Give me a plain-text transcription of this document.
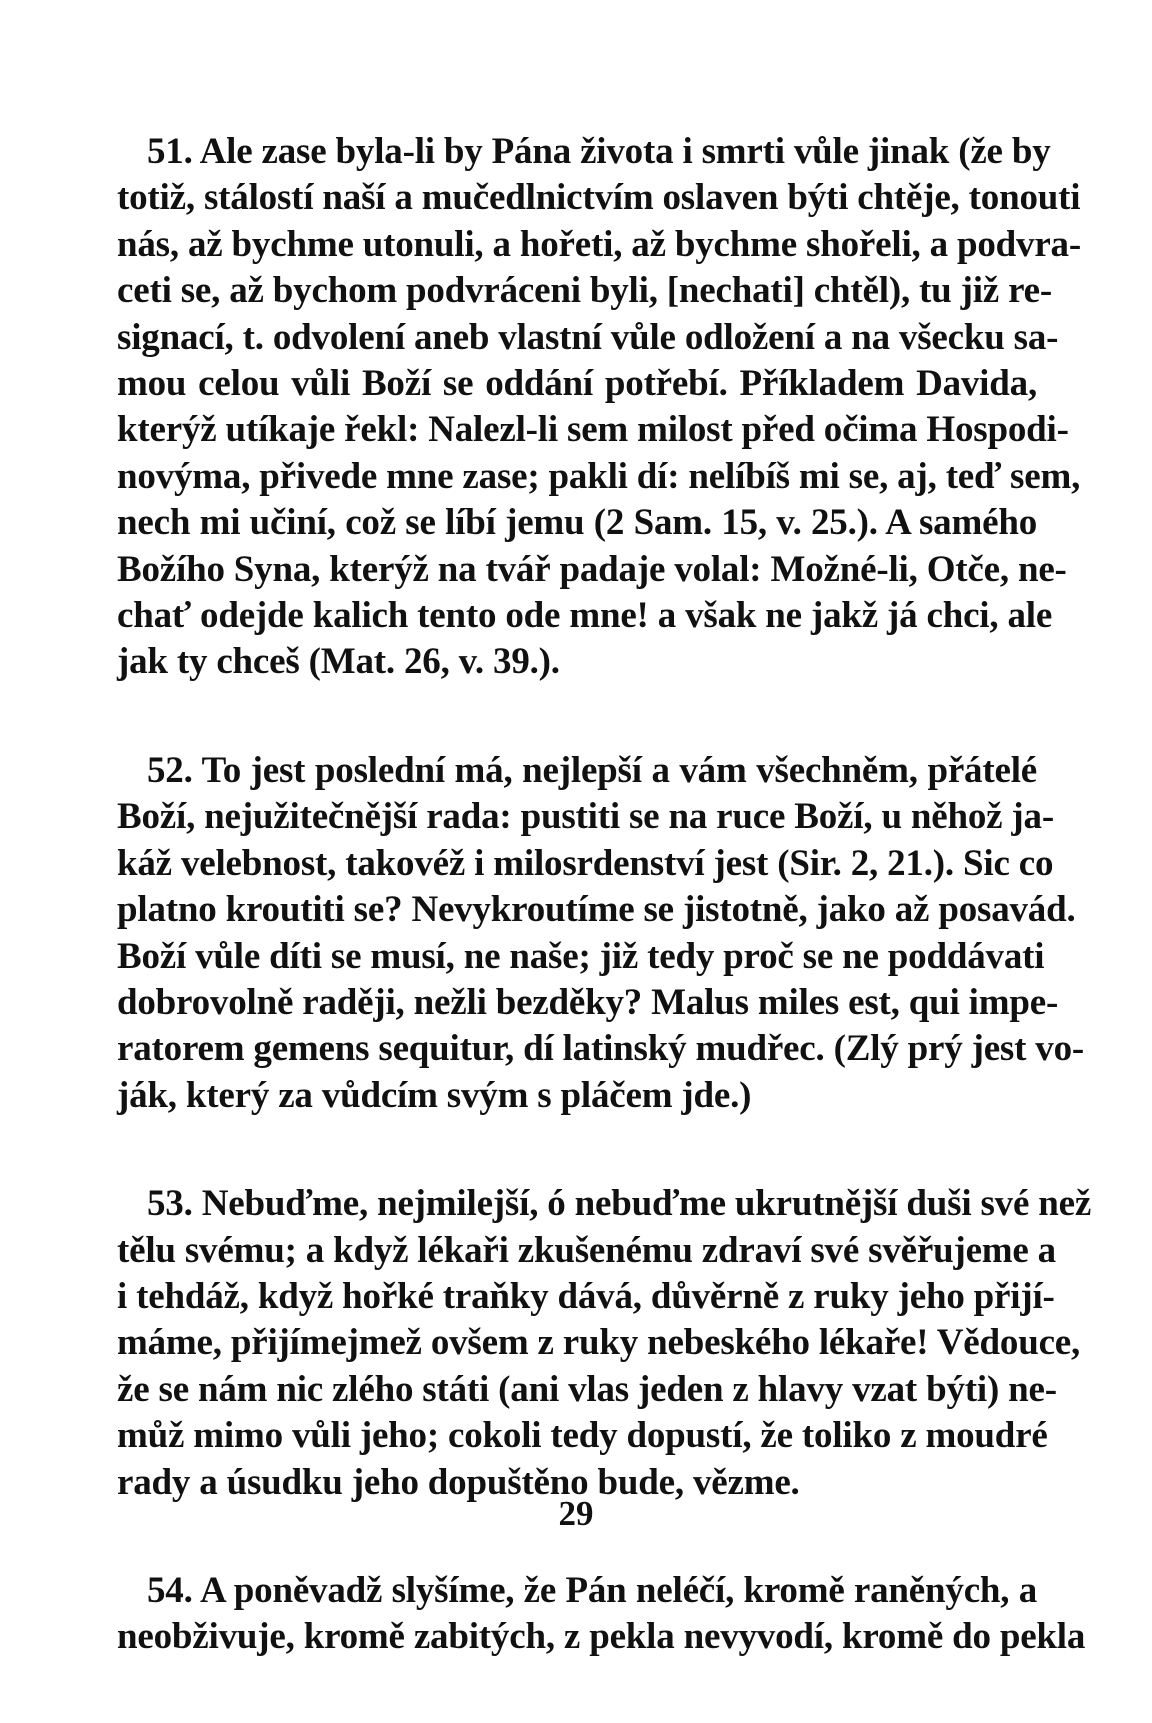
51. Ale zase byla-li by Pána života i smrti vůle jinak (že by
totiž, stálostí naší a mučedlnictvím oslaven býti chtěje, tonouti
nás, až bychme utonuli, a hořeti, až bychme shořeli, a podvra-
ceti se, až bychom podvráceni byli, [nechati] chtěl), tu již re-
signací, t. odvolení aneb vlastní vůle odložení a na všecku sa-
mou celou vůli Boží se oddání potřebí. Příkladem Davida,
kterýž utíkaje řekl: Nalezl-li sem milost před očima Hospodi-
novýma, přivede mne zase; pakli dí: nelíbíš mi se, aj, teď sem,
nech mi učiní, což se líbí jemu (2 Sam. 15, v. 25.). A samého
Božího Syna, kterýž na tvář padaje volal: Možné-li, Otče, ne-
chať odejde kalich tento ode mne! a však ne jakž já chci, ale
jak ty chceš (Mat. 26, v. 39.).

52. To jest poslední má, nejlepší a vám všechněm, přátelé
Boží, nejužitečnější rada: pustiti se na ruce Boží, u něhož ja-
káž velebnost, takovéž i milosrdenství jest (Sir. 2, 21.). Sic co
platno kroutiti se? Nevykroutíme se jistotně, jako až posavád.
Boží vůle díti se musí, ne naše; již tedy proč se ne poddávati
dobrovolně raději, nežli bezděky? Malus miles est, qui impe-
ratorem gemens sequitur, dí latinský mudřec. (Zlý prý jest vo-
ják, který za vůdcím svým s pláčem jde.)

53. Nebuďme, nejmilejší, ó nebuďme ukrutnější duši své než
tělu svému; a když lékaři zkušenému zdraví své svěřujeme a
i tehdáž, když hořké traňky dává, důvěrně z ruky jeho přijí-
máme, přijímejmež ovšem z ruky nebeského lékaře! Vědouce,
že se nám nic zlého státi (ani vlas jeden z hlavy vzat býti) ne-
můž mimo vůli jeho; cokoli tedy dopustí, že toliko z moudré
rady a úsudku jeho dopuštěno bude, vězme.

54. A poněvadž slyšíme, že Pán neléčí, kromě raněných, a
neobživuje, kromě zabitých, z pekla nevyvodí, kromě do pekla

29
